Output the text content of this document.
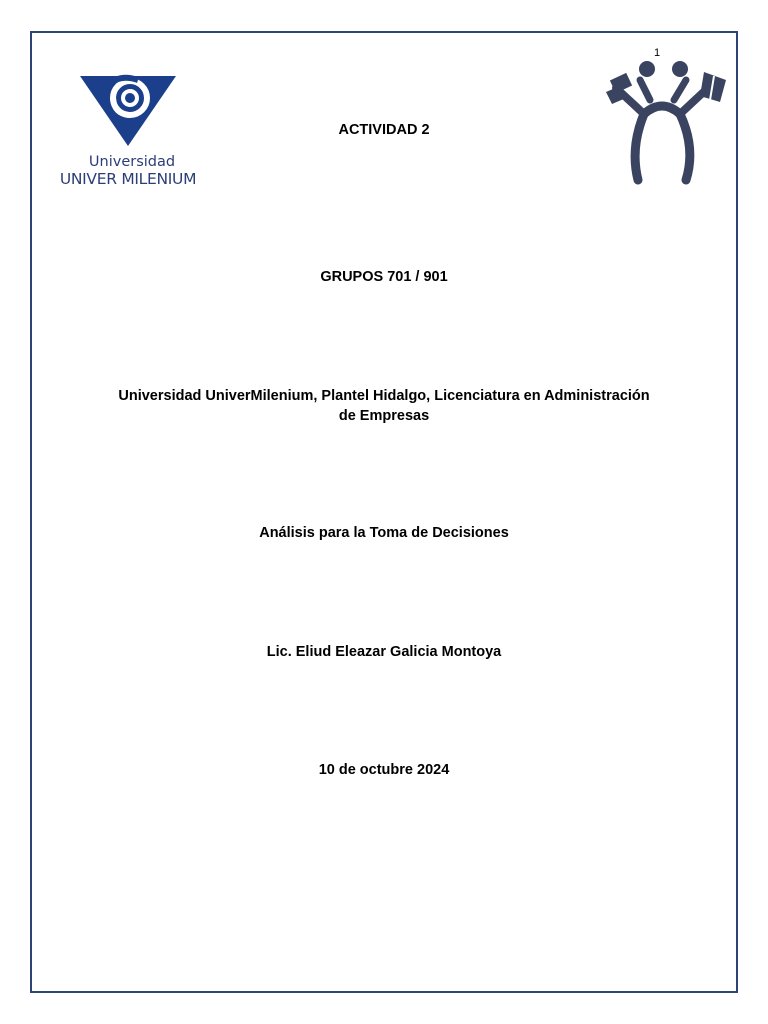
1
Universidad
UNIVER MILENIUM
ACTIVIDAD 2
GRUPOS 701 / 901
Universidad UniverMilenium, Plantel Hidalgo, Licenciatura en Administración
de Empresas
Análisis para la Toma de Decisiones
Lic. Eliud Eleazar Galicia Montoya
10 de octubre 2024
